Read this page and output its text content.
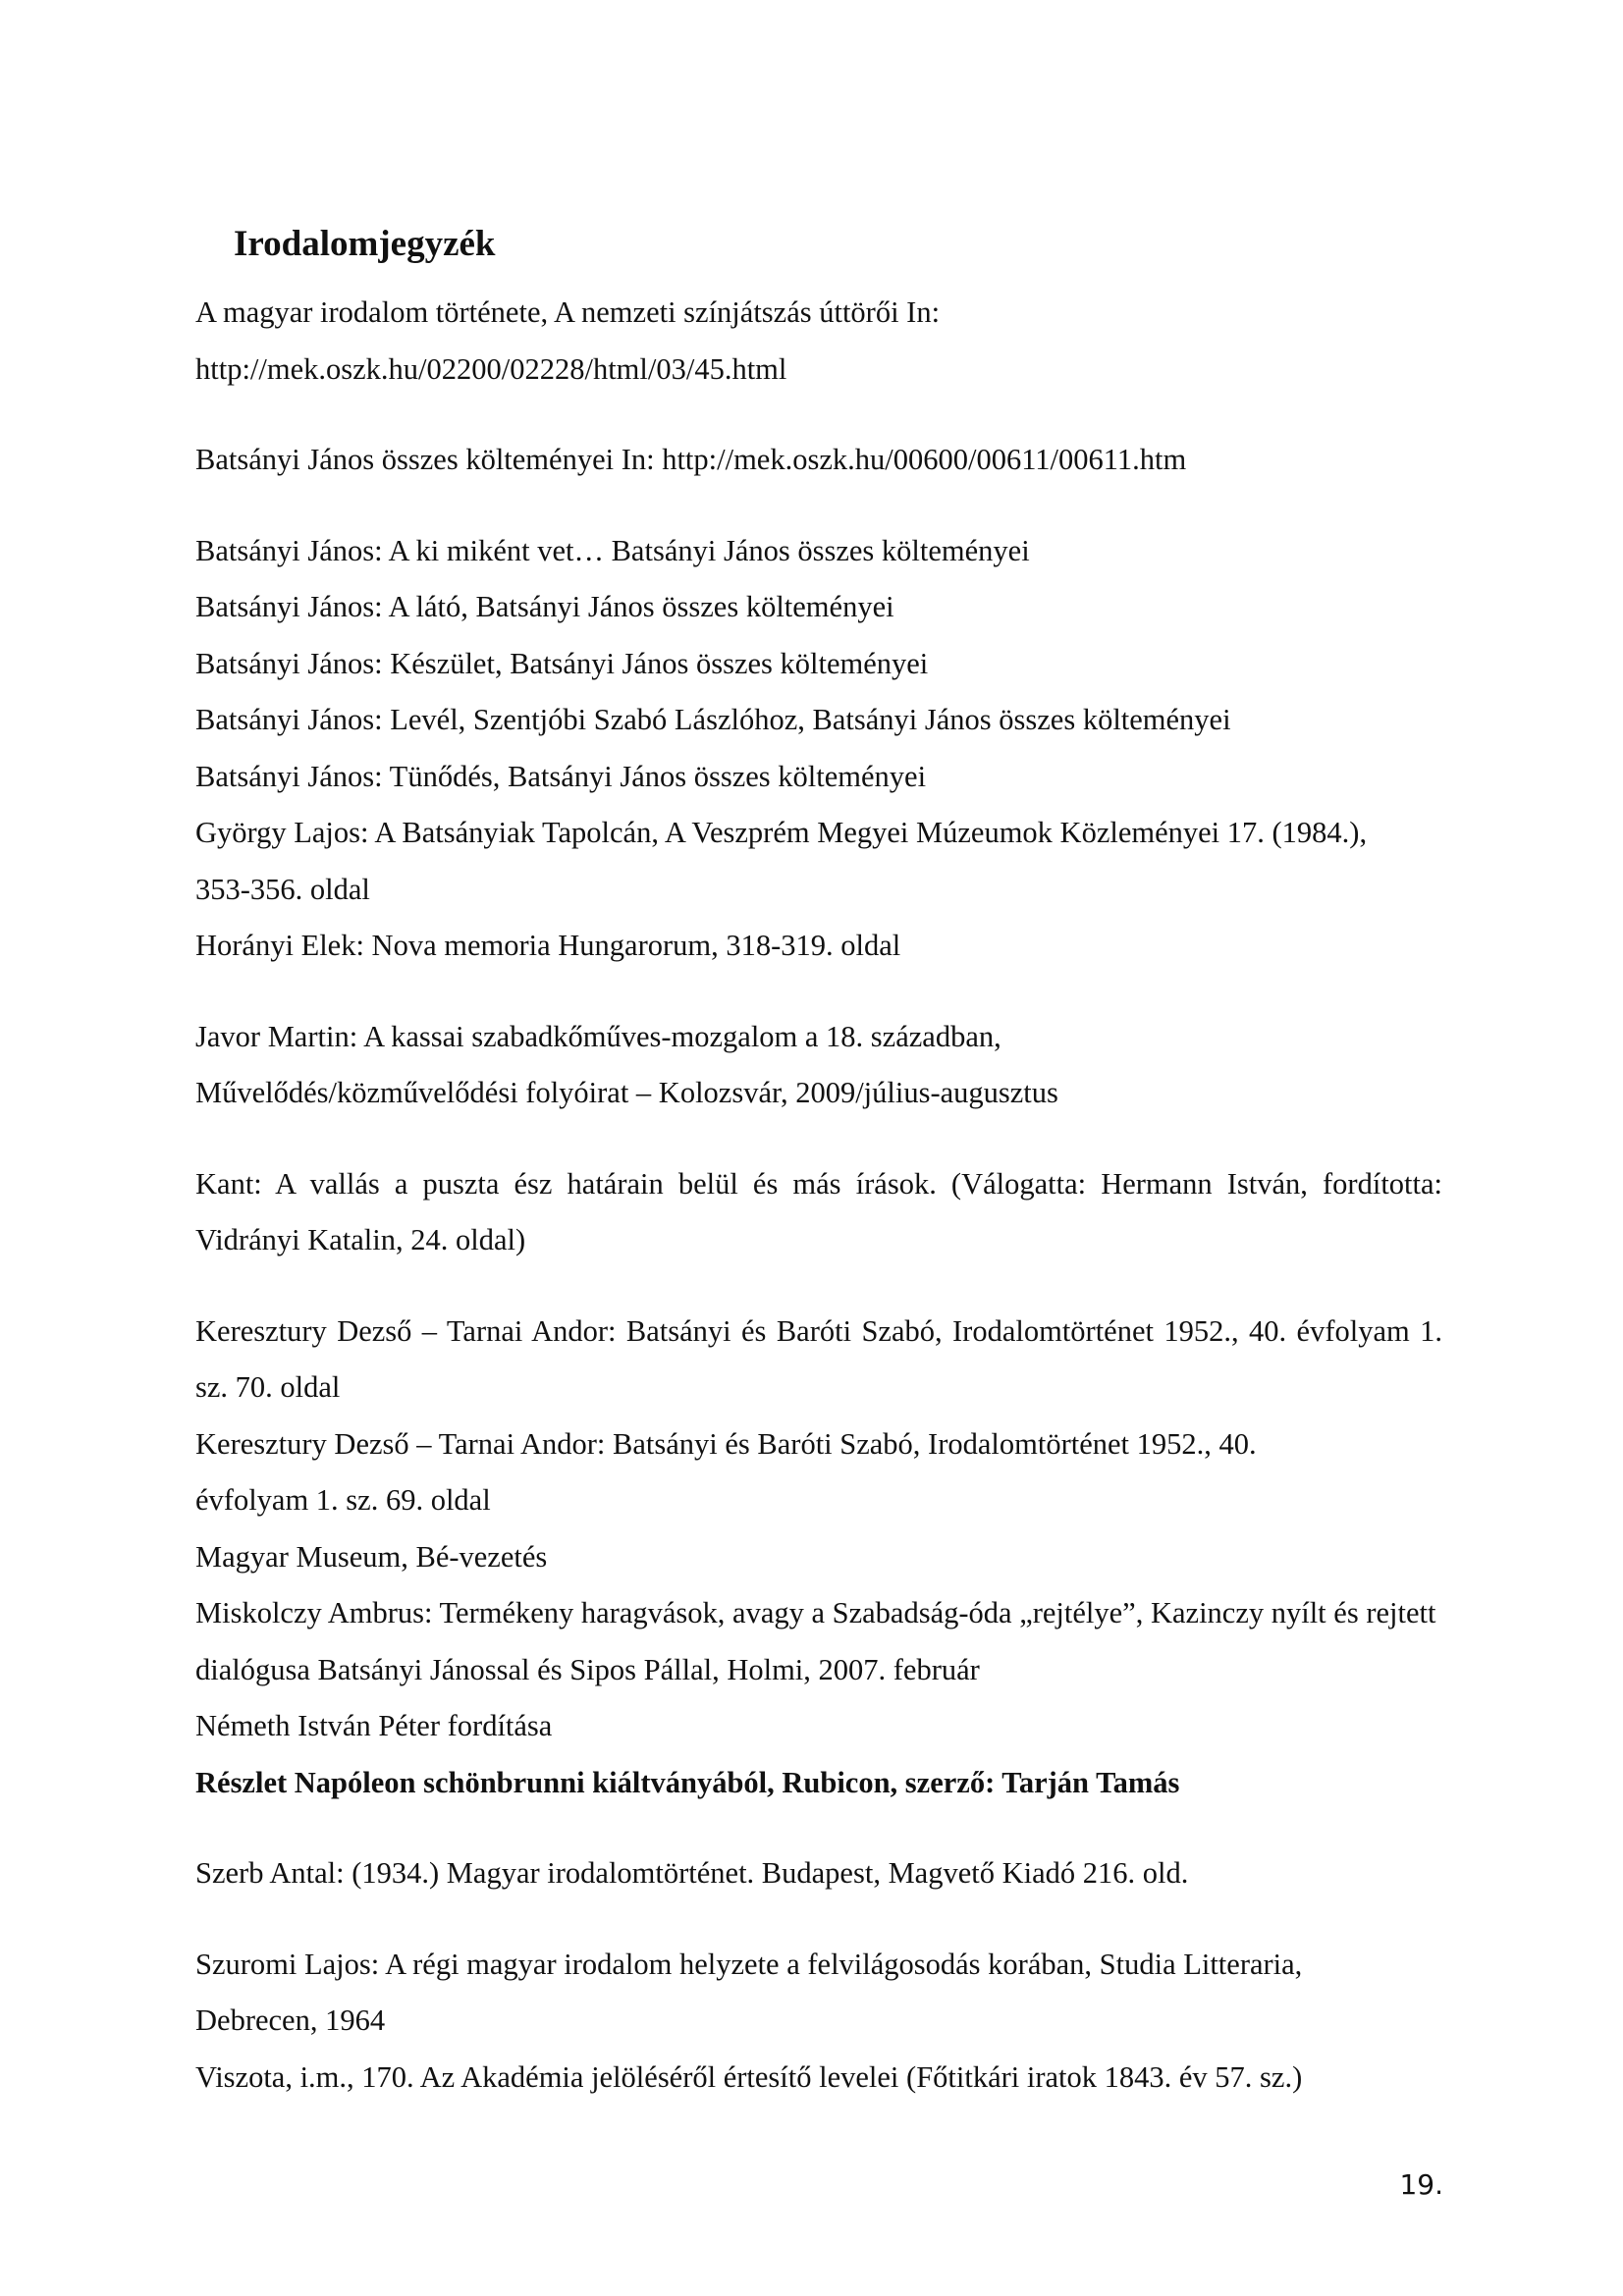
Irodalomjegyzék

A magyar irodalom története, A nemzeti színjátszás úttörői In: http://mek.oszk.hu/02200/02228/html/03/45.html

Batsányi János összes költeményei In: http://mek.oszk.hu/00600/00611/00611.htm

Batsányi János: A ki miként vet… Batsányi János összes költeményei

Batsányi János: A látó, Batsányi János összes költeményei

Batsányi János: Készület, Batsányi János összes költeményei

Batsányi János: Levél, Szentjóbi Szabó Lászlóhoz, Batsányi János összes költeményei

Batsányi János: Tünődés, Batsányi János összes költeményei

György Lajos: A Batsányiak Tapolcán, A Veszprém Megyei Múzeumok Közleményei 17. (1984.), 353-356. oldal

Horányi Elek: Nova memoria Hungarorum, 318-319. oldal

Javor Martin: A kassai szabadkőműves-mozgalom a 18. században, Művelődés/közművelődési folyóirat – Kolozsvár, 2009/július-augusztus

Kant: A vallás a puszta ész határain belül és más írások. (Válogatta: Hermann István, fordította: Vidrányi Katalin, 24. oldal)

Keresztury Dezső – Tarnai Andor: Batsányi és Baróti Szabó, Irodalomtörténet 1952., 40. évfolyam 1. sz. 70. oldal

Keresztury Dezső – Tarnai Andor: Batsányi és Baróti Szabó, Irodalomtörténet 1952., 40. évfolyam 1. sz. 69. oldal

Magyar Museum, Bé-vezetés

Miskolczy Ambrus: Termékeny haragvások, avagy a Szabadság-óda „rejtélye”, Kazinczy nyílt és rejtett dialógusa Batsányi Jánossal és Sipos Pállal, Holmi, 2007. február

Németh István Péter fordítása

Részlet Napóleon schönbrunni kiáltványából, Rubicon, szerző: Tarján Tamás

Szerb Antal: (1934.) Magyar irodalomtörténet. Budapest, Magvető Kiadó 216. old.

Szuromi Lajos: A régi magyar irodalom helyzete a felvilágosodás korában, Studia Litteraria, Debrecen, 1964

Viszota, i.m., 170. Az Akadémia jelöléséről értesítő levelei (Főtitkári iratok 1843. év 57. sz.)

19.
